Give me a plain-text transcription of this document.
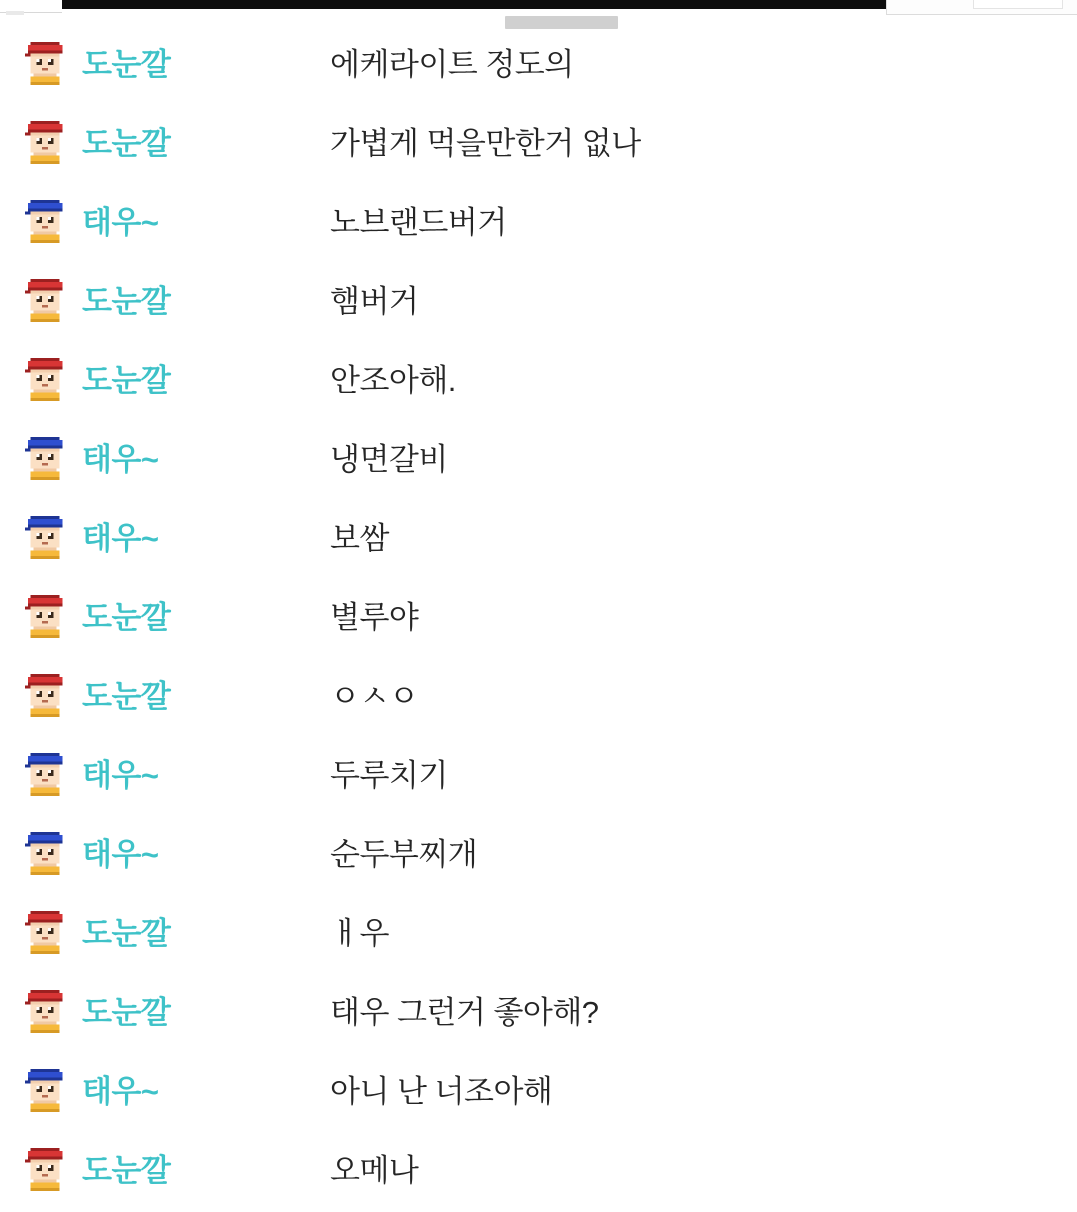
도눈깔	에케라이트 정도의
도눈깔	가볍게 먹을만한거 없나
태우~	노브랜드버거
도눈깔	햄버거
도눈깔	안조아해.
태우~	냉면갈비
태우~	보쌈
도눈깔	별루야
도눈깔	ㅇㅅㅇ
태우~	두루치기
태우~	순두부찌개
도눈깔	ㅐ우
도눈깔	태우 그런거 좋아해?
태우~	아니 난 너조아해
도눈깔	오메나
